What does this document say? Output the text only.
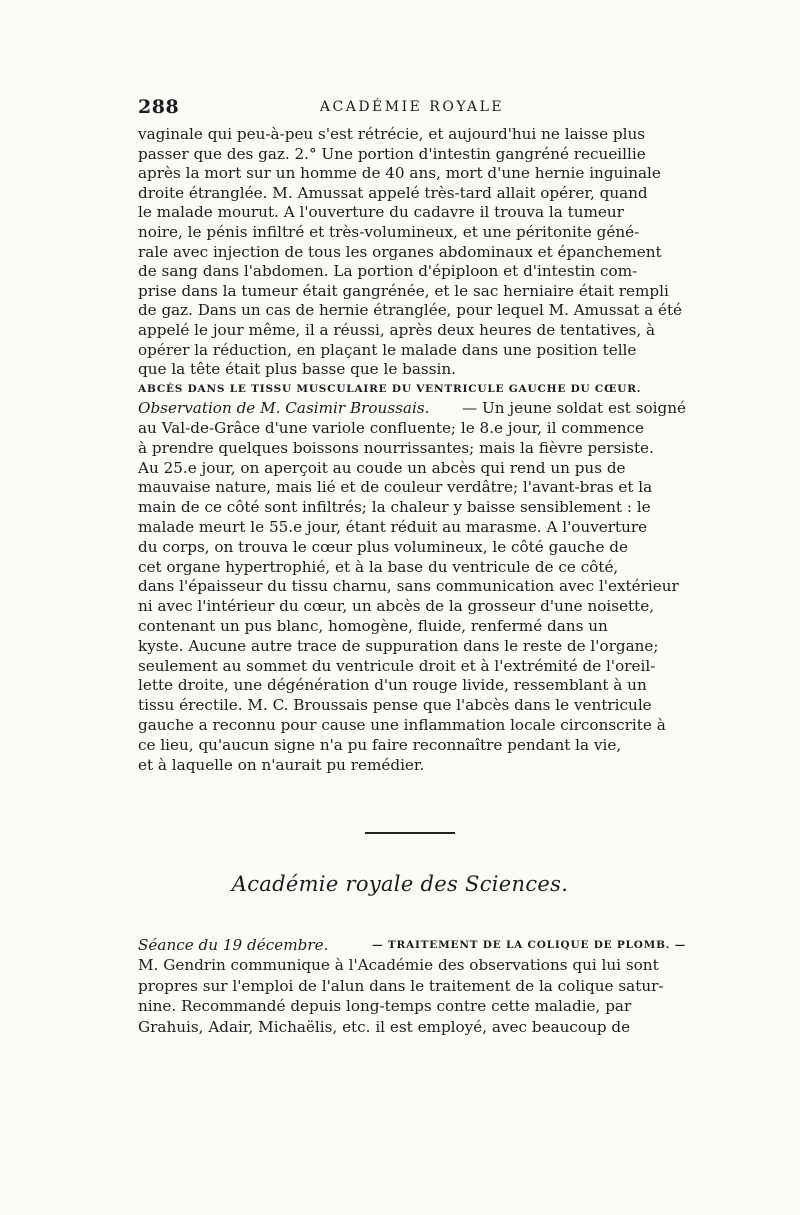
288	ACADÉMIE ROYALE
vaginale qui peu-à-peu s'est rétrécie, et aujourd'hui ne laisse plus
passer que des gaz. 2.° Une portion d'intestin gangréné recueillie
après la mort sur un homme de 40 ans, mort d'une hernie inguinale
droite étranglée. M. Amussat appelé très-tard allait opérer, quand
le malade mourut. A l'ouverture du cadavre il trouva la tumeur
noire, le pénis infiltré et très-volumineux, et une péritonite géné-
rale avec injection de tous les organes abdominaux et épanchement
de sang dans l'abdomen. La portion d'épiploon et d'intestin com-
prise dans la tumeur était gangrénée, et le sac herniaire était rempli
de gaz. Dans un cas de hernie étranglée, pour lequel M. Amussat a été
appelé le jour même, il a réussi, après deux heures de tentatives, à
opérer la réduction, en plaçant le malade dans une position telle
que la tête était plus basse que le bassin.
ABCÈS DANS LE TISSU MUSCULAIRE DU VENTRICULE GAUCHE DU CŒUR.
Observation de M. Casimir Broussais. — Un jeune soldat est soigné
au Val-de-Grâce d'une variole confluente; le 8.e jour, il commence
à prendre quelques boissons nourrissantes; mais la fièvre persiste.
Au 25.e jour, on aperçoit au coude un abcès qui rend un pus de
mauvaise nature, mais lié et de couleur verdâtre; l'avant-bras et la
main de ce côté sont infiltrés; la chaleur y baisse sensiblement : le
malade meurt le 55.e jour, étant réduit au marasme. A l'ouverture
du corps, on trouva le cœur plus volumineux, le côté gauche de
cet organe hypertrophié, et à la base du ventricule de ce côté,
dans l'épaisseur du tissu charnu, sans communication avec l'extérieur
ni avec l'intérieur du cœur, un abcès de la grosseur d'une noisette,
contenant un pus blanc, homogène, fluide, renfermé dans un
kyste. Aucune autre trace de suppuration dans le reste de l'organe;
seulement au sommet du ventricule droit et à l'extrémité de l'oreil-
lette droite, une dégénération d'un rouge livide, ressemblant à un
tissu érectile. M. C. Broussais pense que l'abcès dans le ventricule
gauche a reconnu pour cause une inflammation locale circonscrite à
ce lieu, qu'aucun signe n'a pu faire reconnaître pendant la vie,
et à laquelle on n'aurait pu remédier.
Académie royale des Sciences.
Séance du 19 décembre.	— TRAITEMENT DE LA COLIQUE DE PLOMB. —
M. Gendrin communique à l'Académie des observations qui lui sont
propres sur l'emploi de l'alun dans le traitement de la colique satur-
nine. Recommandé depuis long-temps contre cette maladie, par
Grahuis, Adair, Michaëlis, etc. il est employé, avec beaucoup de
